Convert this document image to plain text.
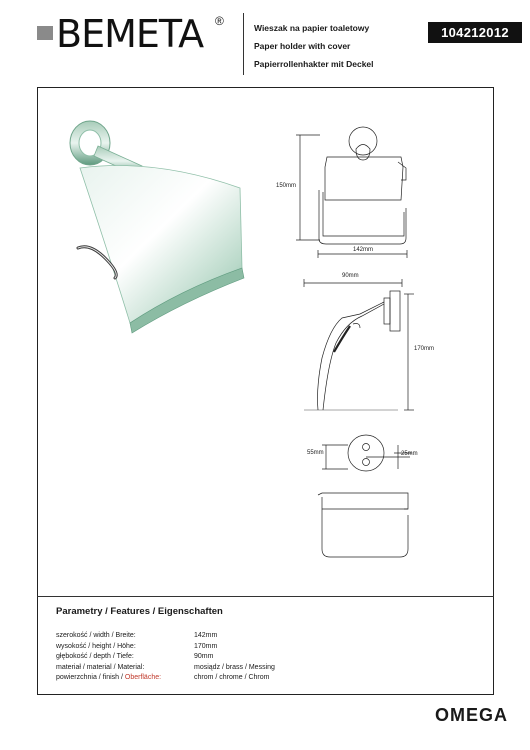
BEMETA ®	Wieszak na papier toaletowy
Paper holder with cover
Papierrollenhakter mit Deckel
104212012
150mm
142mm
90mm
170mm
55mm	25mm
Parametry / Features / Eigenschaften
szerokość / width / Breite:	142mm
wysokość / height / Höhe:	170mm
głębokość / depth / Tiefe:	90mm
materiał / material / Material:	mosiądz / brass / Messing
powierzchnia / finish / Oberfläche:	chrom / chrome / Chrom
OMEGA
